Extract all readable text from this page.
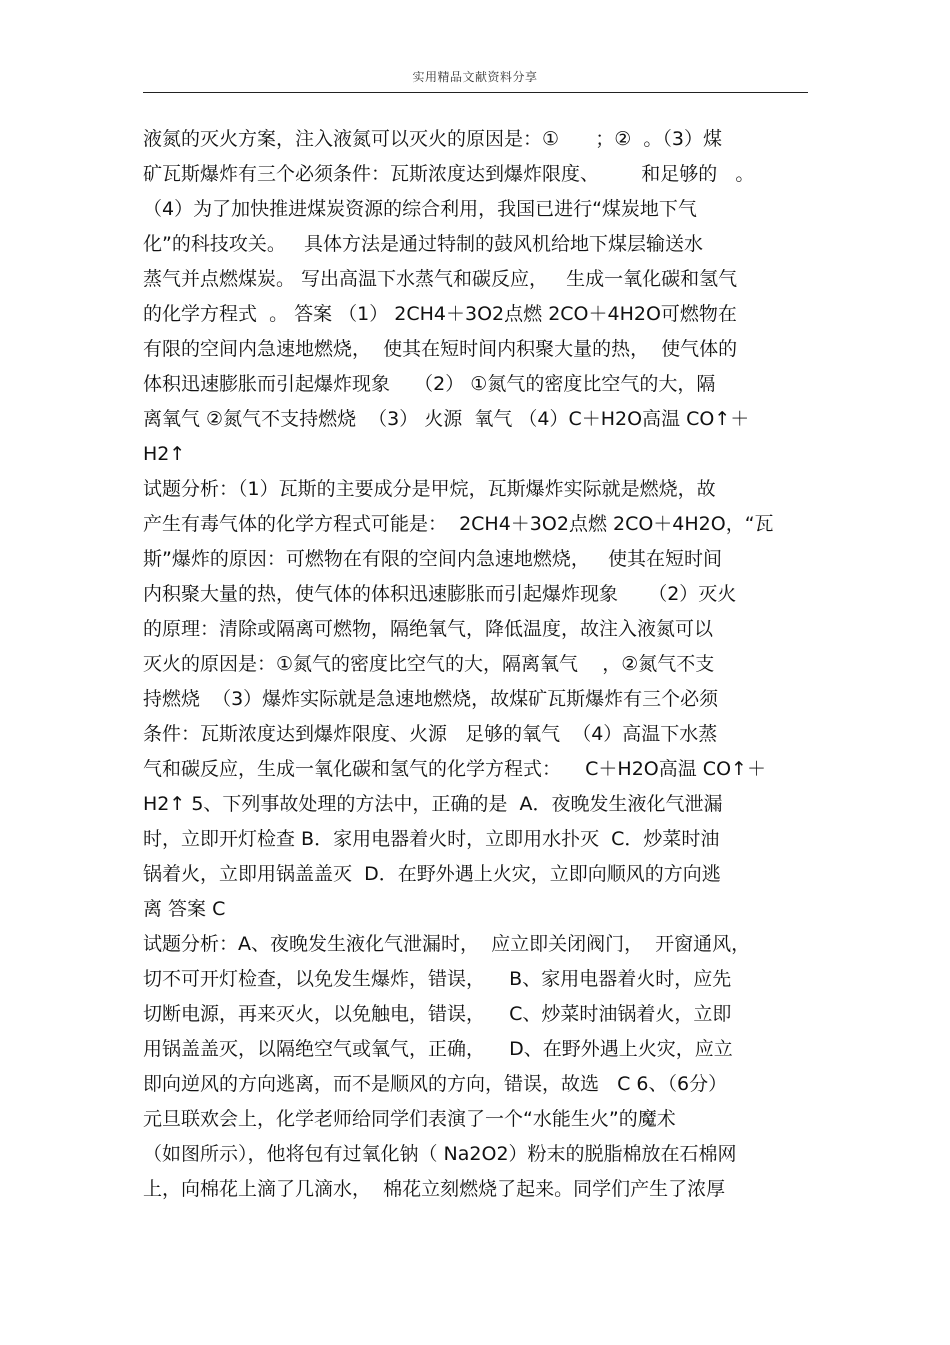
实用精品文献资料分享
液氮的灭火方案，注入液氮可以灭火的原因是：①      ；②  。（3）煤
矿瓦斯爆炸有三个必须条件：瓦斯浓度达到爆炸限度、       和足够的   。
（4）为了加快推进煤炭资源的综合利用，我国已进行“煤炭地下气
化”的科技攻关。   具体方法是通过特制的鼓风机给地下煤层输送水
蒸气并点燃煤炭。 写出高温下水蒸气和碳反应，   生成一氧化碳和氢气
的化学方程式  。 答案 （1） 2CH4＋3O2点燃 2CO＋4H2O可燃物在
有限的空间内急速地燃烧，  使其在短时间内积聚大量的热，  使气体的
体积迅速膨胀而引起爆炸现象    （2） ①氮气的密度比空气的大，隔
离氧气 ②氮气不支持燃烧  （3） 火源  氧气 （4）C＋H2O高温 CO↑＋
H2↑
试题分析：（1）瓦斯的主要成分是甲烷，瓦斯爆炸实际就是燃烧，故
产生有毒气体的化学方程式可能是：  2CH4＋3O2点燃 2CO＋4H2O，“瓦
斯”爆炸的原因：可燃物在有限的空间内急速地燃烧，   使其在短时间
内积聚大量的热，使气体的体积迅速膨胀而引起爆炸现象     （2）灭火
的原理：清除或隔离可燃物，隔绝氧气，降低温度，故注入液氮可以
灭火的原因是：①氮气的密度比空气的大，隔离氧气    ，②氮气不支
持燃烧  （3）爆炸实际就是急速地燃烧，故煤矿瓦斯爆炸有三个必须
条件：瓦斯浓度达到爆炸限度、火源   足够的氧气  （4）高温下水蒸
气和碳反应，生成一氧化碳和氢气的化学方程式：    C＋H2O高温 CO↑＋
H2↑ 5、下列事故处理的方法中，正确的是  A．夜晚发生液化气泄漏
时，立即开灯检查 B．家用电器着火时，立即用水扑灭  C．炒菜时油
锅着火，立即用锅盖盖灭  D．在野外遇上火灾，立即向顺风的方向逃
离 答案 C
试题分析：A、夜晚发生液化气泄漏时，  应立即关闭阀门，  开窗通风，
切不可开灯检查，以免发生爆炸，错误，    B、家用电器着火时，应先
切断电源，再来灭火，以免触电，错误，    C、炒菜时油锅着火，立即
用锅盖盖灭，以隔绝空气或氧气，正确，    D、在野外遇上火灾，应立
即向逆风的方向逃离，而不是顺风的方向，错误，故选   C 6、（6分）
元旦联欢会上，化学老师给同学们表演了一个“水能生火”的魔术
（如图所示），他将包有过氧化钠（ Na2O2）粉末的脱脂棉放在石棉网
上，向棉花上滴了几滴水，  棉花立刻燃烧了起来。同学们产生了浓厚
